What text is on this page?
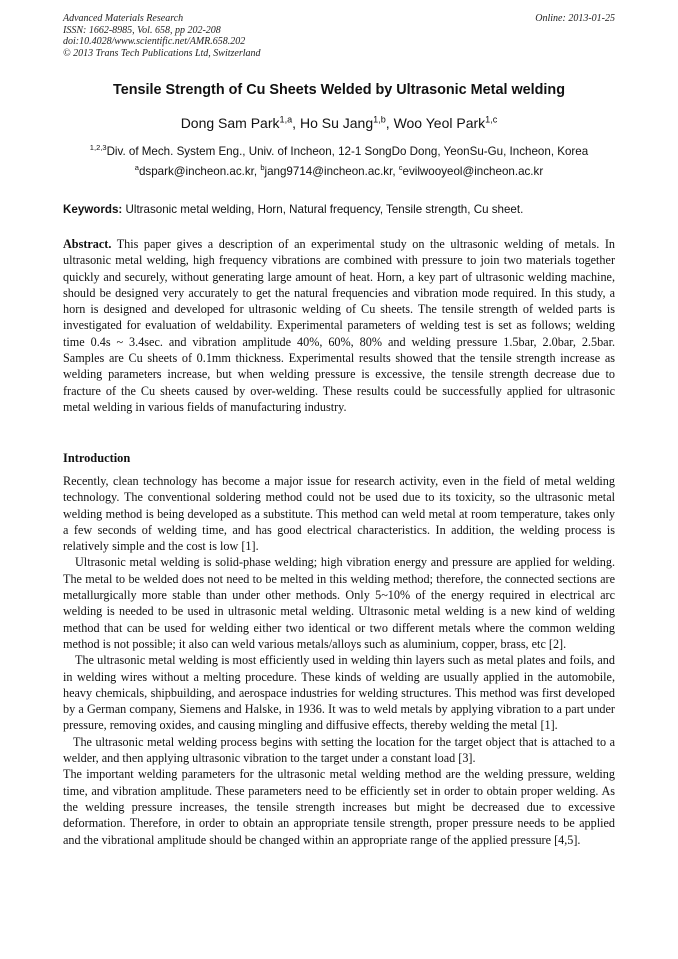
Advanced Materials Research
ISSN: 1662-8985, Vol. 658, pp 202-208
doi:10.4028/www.scientific.net/AMR.658.202
© 2013 Trans Tech Publications Ltd, Switzerland
Online: 2013-01-25
Tensile Strength of Cu Sheets Welded by Ultrasonic Metal welding
Dong Sam Park$^{1,a}$, Ho Su Jang$^{1,b}$, Woo Yeol Park$^{1,c}$
$^{1,2,3}$Div. of Mech. System Eng., Univ. of Incheon, 12-1 SongDo Dong, YeonSu-Gu, Incheon, Korea
$^a$dspark@incheon.ac.kr, $^b$jang9714@incheon.ac.kr, $^c$evilwooyeol@incheon.ac.kr
Keywords: Ultrasonic metal welding, Horn, Natural frequency, Tensile strength, Cu sheet.

Abstract. This paper gives a description of an experimental study on the ultrasonic welding of metals. In ultrasonic metal welding, high frequency vibrations are combined with pressure to join two materials together quickly and securely, without generating large amount of heat. Horn, a key part of ultrasonic welding machine, should be designed very accurately to get the natural frequencies and vibration mode required. In this study, a horn is designed and developed for ultrasonic welding of Cu sheets. The tensile strength of welded parts is investigated for evaluation of weldability. Experimental parameters of welding test is set as follows; welding time 0.4s ~ 3.4sec. and vibration amplitude 40%, 60%, 80% and welding pressure 1.5bar, 2.0bar, 2.5bar. Samples are Cu sheets of 0.1mm thickness. Experimental results showed that the tensile strength increase as welding parameters increase, but when welding pressure is excessive, the tensile strength decrease due to fracture of the Cu sheets caused by over-welding. These results could be successfully applied for ultrasonic metal welding in various fields of manufacturing industry.

Introduction

Recently, clean technology has become a major issue for research activity, even in the field of metal welding technology. The conventional soldering method could not be used due to its toxicity, so the ultrasonic metal welding method is being developed as a substitute. This method can weld metal at room temperature, takes only a few seconds of welding time, and has good electrical characteristics. In addition, the welding process is relatively simple and the cost is low [1].

Ultrasonic metal welding is solid-phase welding; high vibration energy and pressure are applied for welding. The metal to be welded does not need to be melted in this welding method; therefore, the connected sections are metallurgically more stable than under other methods. Only 5~10% of the energy required in electrical arc welding is needed to be used in ultrasonic metal welding. Ultrasonic metal welding is a new kind of welding method that can be used for welding either two identical or two different metals where the common welding method is not possible; it also can weld various metals/alloys such as aluminium, copper, brass, etc [2].

The ultrasonic metal welding is most efficiently used in welding thin layers such as metal plates and foils, and in welding wires without a melting procedure. These kinds of welding are usually applied in the automobile, heavy chemicals, shipbuilding, and aerospace industries for welding structures. This method was first developed by a German company, Siemens and Halske, in 1936. It was to weld metals by applying vibration to a part under pressure, removing oxides, and causing mingling and diffusive effects, thereby welding the metal [1].

The ultrasonic metal welding process begins with setting the location for the target object that is attached to a welder, and then applying ultrasonic vibration to the target under a constant load [3].

The important welding parameters for the ultrasonic metal welding method are the welding pressure, welding time, and vibration amplitude. These parameters need to be efficiently set in order to obtain proper welding. As the welding pressure increases, the tensile strength increases but might be decreased due to excessive deformation. Therefore, in order to obtain an appropriate tensile strength, proper pressure needs to be applied and the vibrational amplitude should be changed within an appropriate range of the applied pressure [4,5].
